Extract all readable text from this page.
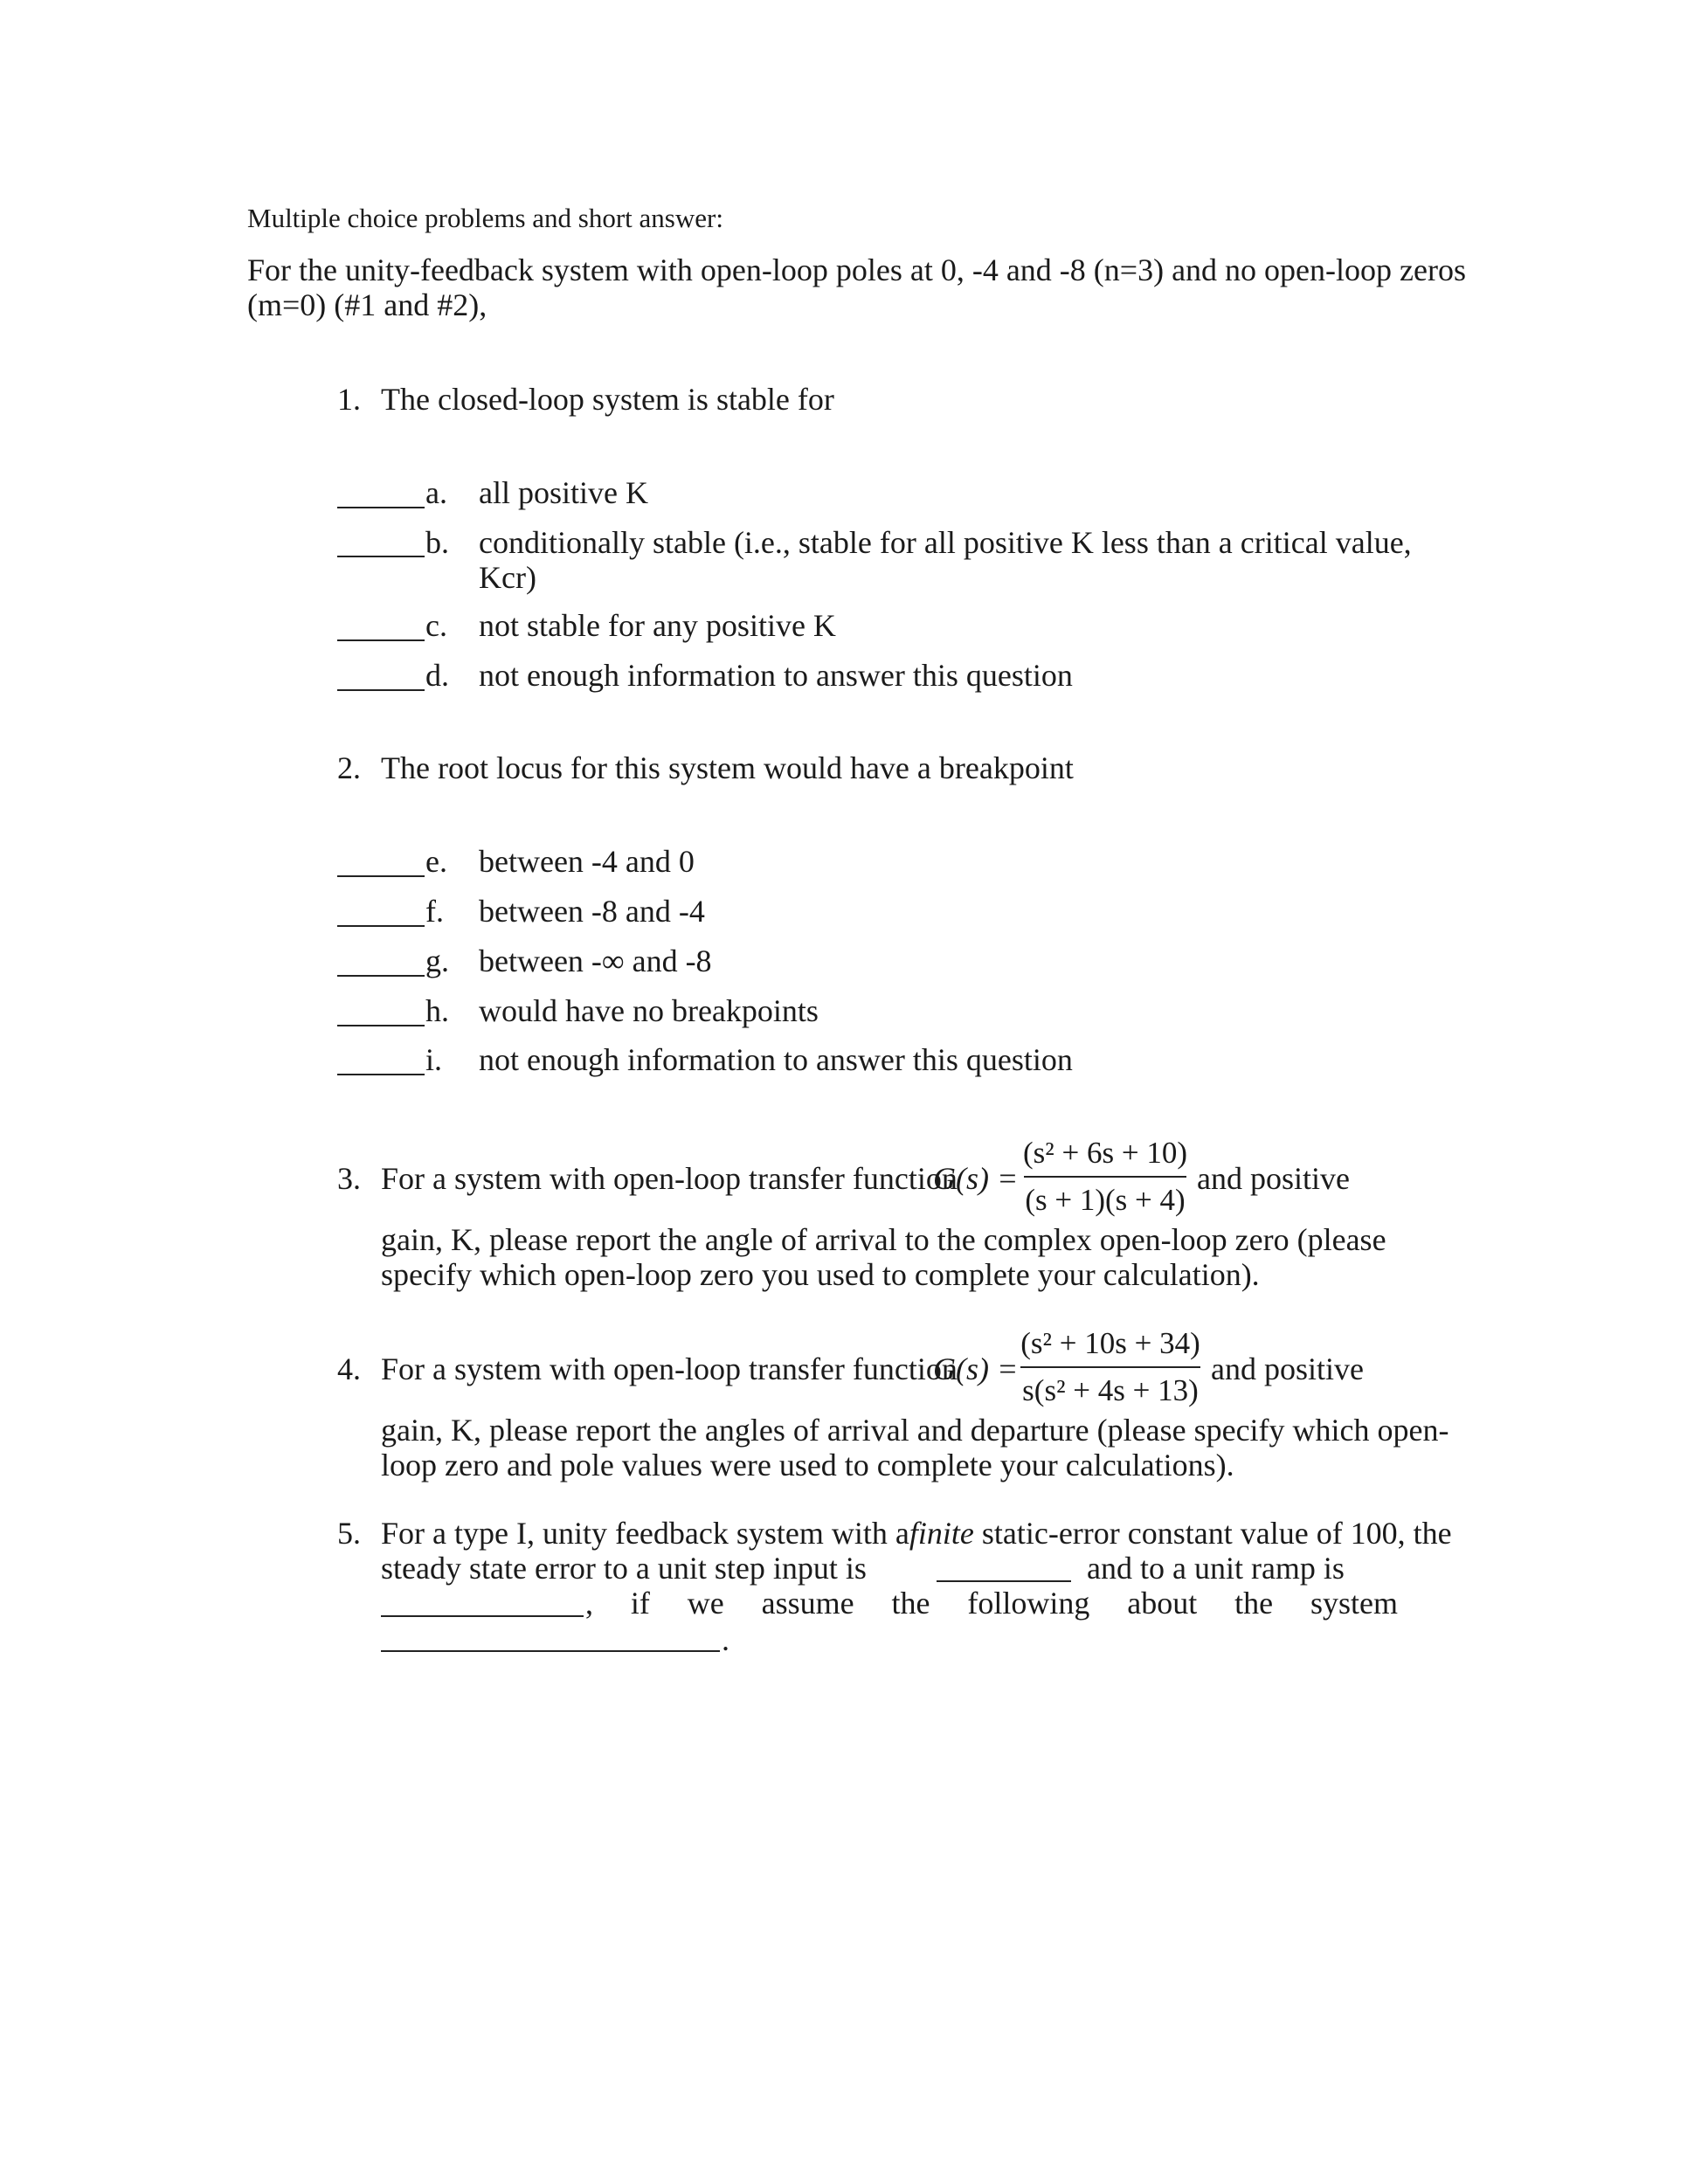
Multiple choice problems and short answer:
For the unity-feedback system with open-loop poles at 0, -4 and -8 (n=3) and no open-loop zeros
(m=0) (#1 and #2),
1. The closed-loop system is stable for
a. all positive K
b. conditionally stable (i.e., stable for all positive K less than a critical value,
Kcr)
c. not stable for any positive K
d. not enough information to answer this question
2. The root locus for this system would have a breakpoint
e. between -4 and 0
f. between -8 and -4
g. between -∞ and -8
h. would have no breakpoints
i. not enough information to answer this question
3. For a system with open-loop transfer function
G(s) =
(s² + 6s + 10)
(s + 1)(s + 4)
and positive
gain, K, please report the angle of arrival to the complex open-loop zero (please
specify which open-loop zero you used to complete your calculation).
4. For a system with open-loop transfer function
G(s) =
(s² + 10s + 34)
s(s² + 4s + 13)
and positive
gain, K, please report the angles of arrival and departure (please specify which open-
loop zero and pole values were used to complete your calculations).
5. For a type I, unity feedback system with afinite static-error constant value of 100, the
steady state error to a unit step input is	and to a unit ramp is
, if we assume the following about the system
.
